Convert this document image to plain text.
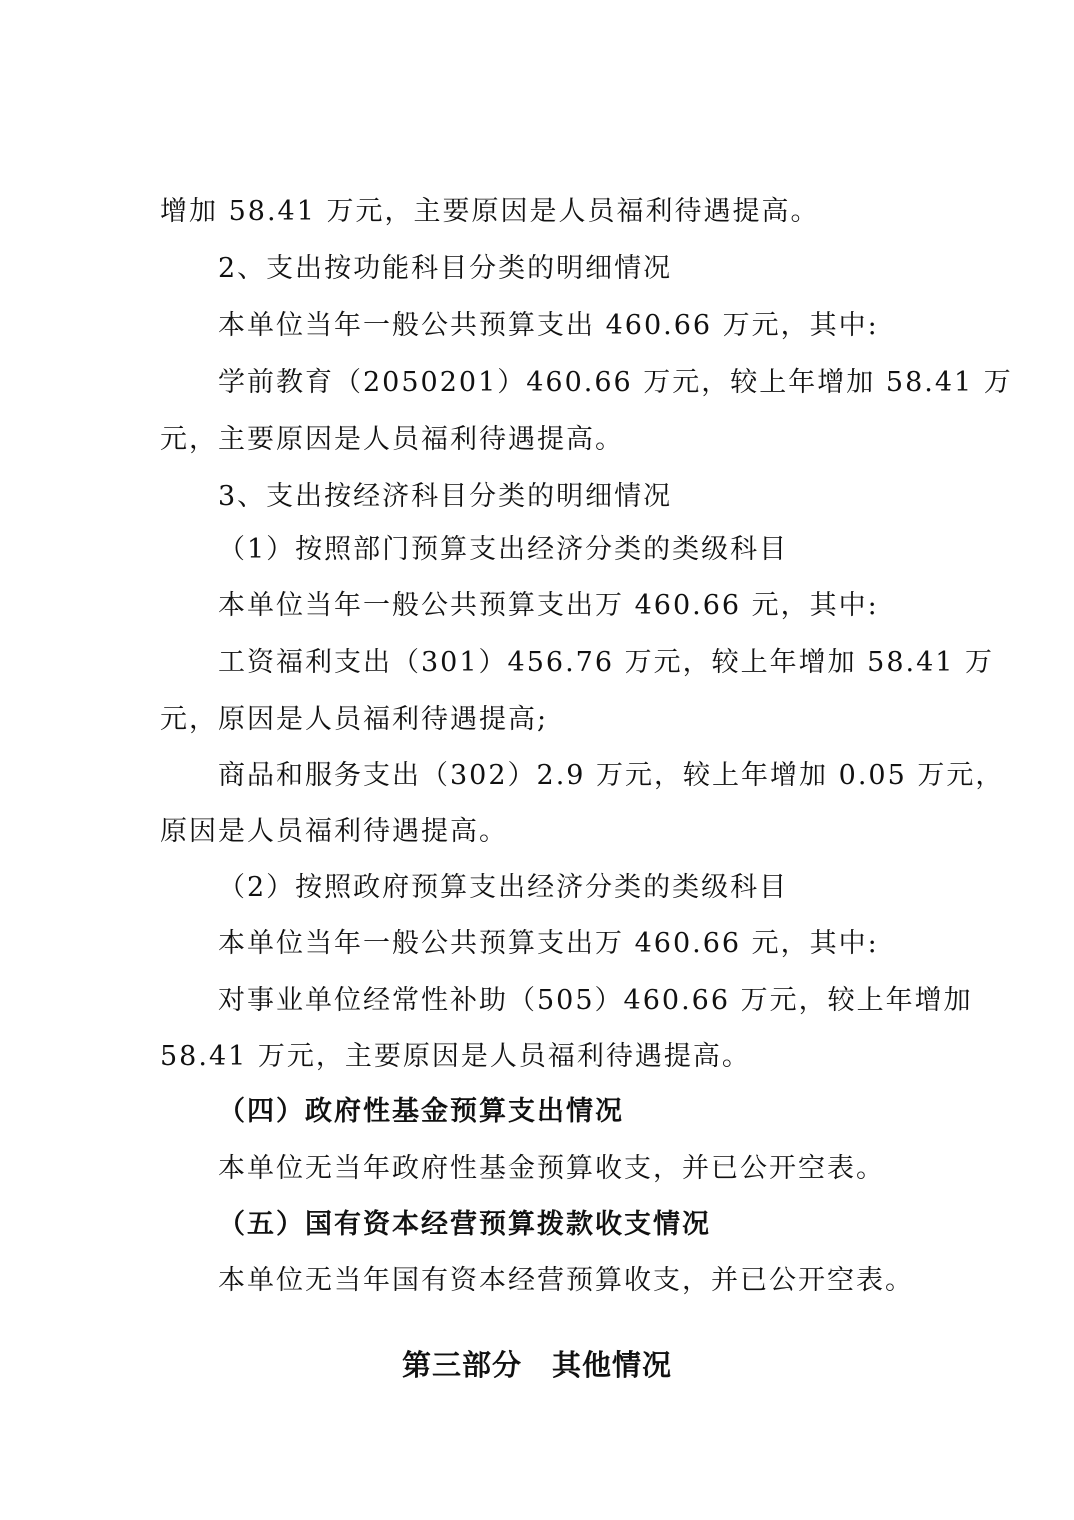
增加 58.41 万元，主要原因是人员福利待遇提高。

2、支出按功能科目分类的明细情况

本单位当年一般公共预算支出 460.66 万元，其中:

学前教育（2050201）460.66 万元，较上年增加 58.41 万

元，主要原因是人员福利待遇提高。

3、支出按经济科目分类的明细情况

（1）按照部门预算支出经济分类的类级科目

本单位当年一般公共预算支出万 460.66 元，其中:

工资福利支出（301）456.76 万元，较上年增加 58.41 万

元，原因是人员福利待遇提高;

商品和服务支出（302）2.9 万元，较上年增加 0.05 万元，

原因是人员福利待遇提高。

（2）按照政府预算支出经济分类的类级科目

本单位当年一般公共预算支出万 460.66 元，其中:

对事业单位经常性补助（505）460.66 万元，较上年增加

58.41 万元，主要原因是人员福利待遇提高。

（四）政府性基金预算支出情况

本单位无当年政府性基金预算收支，并已公开空表。

（五）国有资本经营预算拨款收支情况

本单位无当年国有资本经营预算收支，并已公开空表。

第三部分　其他情况
